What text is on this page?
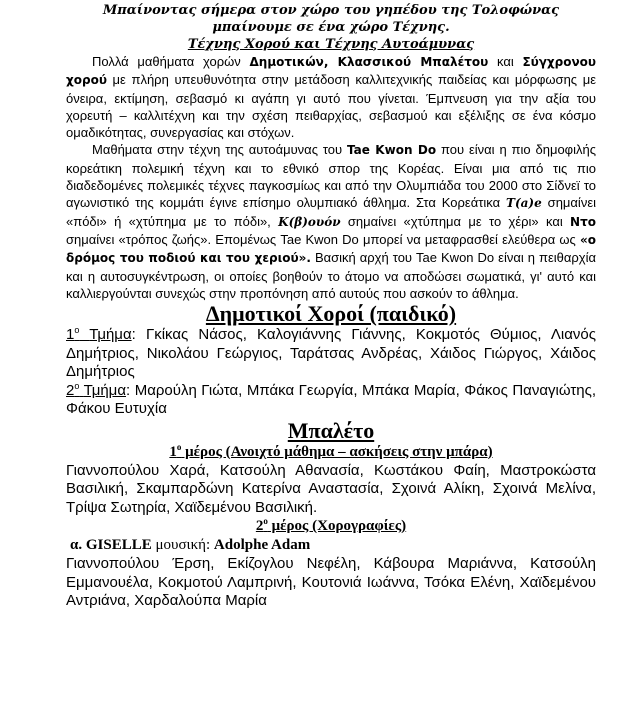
Μπαίνοντας σήμερα στον χώρο του γηπέδου της Τολοφώνας

μπαίνουμε σε ένα χώρο Τέχνης.

Τέχνης Χορού και Τέχνης Αυτοάμυνας

Πολλά μαθήματα χορών Δημοτικών, Κλασσικού Μπαλέτου και Σύγχρονου χορού με πλήρη υπευθυνότητα στην μετάδοση καλλιτεχνικής παιδείας και μόρφωσης με όνειρα, εκτίμηση, σεβασμό κι αγάπη γι αυτό που γίνεται. Έμπνευση για την αξία του χορευτή – καλλιτέχνη και την σχέση πειθαρχίας, σεβασμού και εξέλιξης σε ένα κόσμο ομαδικότητας, συνεργασίας και στόχων.

Μαθήματα στην τέχνη της αυτοάμυνας του Tae Kwon Do που είναι η πιο δημοφιλής κορεάτικη πολεμική τέχνη και το εθνικό σπορ της Κορέας. Είναι μια από τις πιο διαδεδομένες πολεμικές τέχνες παγκοσμίως και από την Ολυμπιάδα του 2000 στο Σίδνεϊ το αγωνιστικό της κομμάτι έγινε επίσημο ολυμπιακό άθλημα. Στα Κορεάτικα Τ(a)e σημαίνει «πόδι» ή «χτύπημα με το πόδι», Κ(β)ουόν σημαίνει «χτύπημα με το χέρι» και Ντο σημαίνει «τρόπος ζωής». Επομένως Tae Kwon Do μπορεί να μεταφρασθεί ελεύθερα ως «ο δρόμος του ποδιού και του χεριού». Βασική αρχή του Tae Kwon Do είναι η πειθαρχία και η αυτοσυγκέντρωση, οι οποίες βοηθούν το άτομο να αποδώσει σωματικά, γι' αυτό και καλλιεργούνται συνεχώς στην προπόνηση από αυτούς που ασκούν το άθλημα.

Δημοτικοί Χοροί (παιδικό)

$1^o$ Τμήμα: Γκίκας Νάσος, Καλογιάννης Γιάννης, Κοκμοτός Θύμιος, Λιανός Δημήτριος, Νικολάου Γεώργιος, Ταράτσας Ανδρέας, Χάιδος Γιώργος, Χάιδος Δημήτριος

$2^o$ Τμήμα: Μαρούλη Γιώτα, Μπάκα Γεωργία, Μπάκα Μαρία, Φάκος Παναγιώτης, Φάκου Ευτυχία

Μπαλέτο

$1^o$ μέρος (Ανοιχτό μάθημα – ασκήσεις στην μπάρα)

Γιαννοπούλου Χαρά, Κατσούλη Αθανασία, Κωστάκου Φαίη, Μαστροκώστα Βασιλική, Σκαμπαρδώνη Κατερίνα Αναστασία, Σχοινά Αλίκη, Σχοινά Μελίνα, Τρίψα Σωτηρία, Χαϊδεμένου Βασιλική.

$2^o$ μέρος (Χορογραφίες)

α. GISELLE μουσική: Adolphe Adam

Γιαννοπούλου Έρση, Εκίζογλου Νεφέλη, Κάβουρα Μαριάννα, Κατσούλη Εμμανουέλα, Κοκμοτού Λαμπρινή, Κουτονιά Ιωάννα, Τσόκα Ελένη, Χαϊδεμένου Αντριάνα, Χαρδαλούπα Μαρία
